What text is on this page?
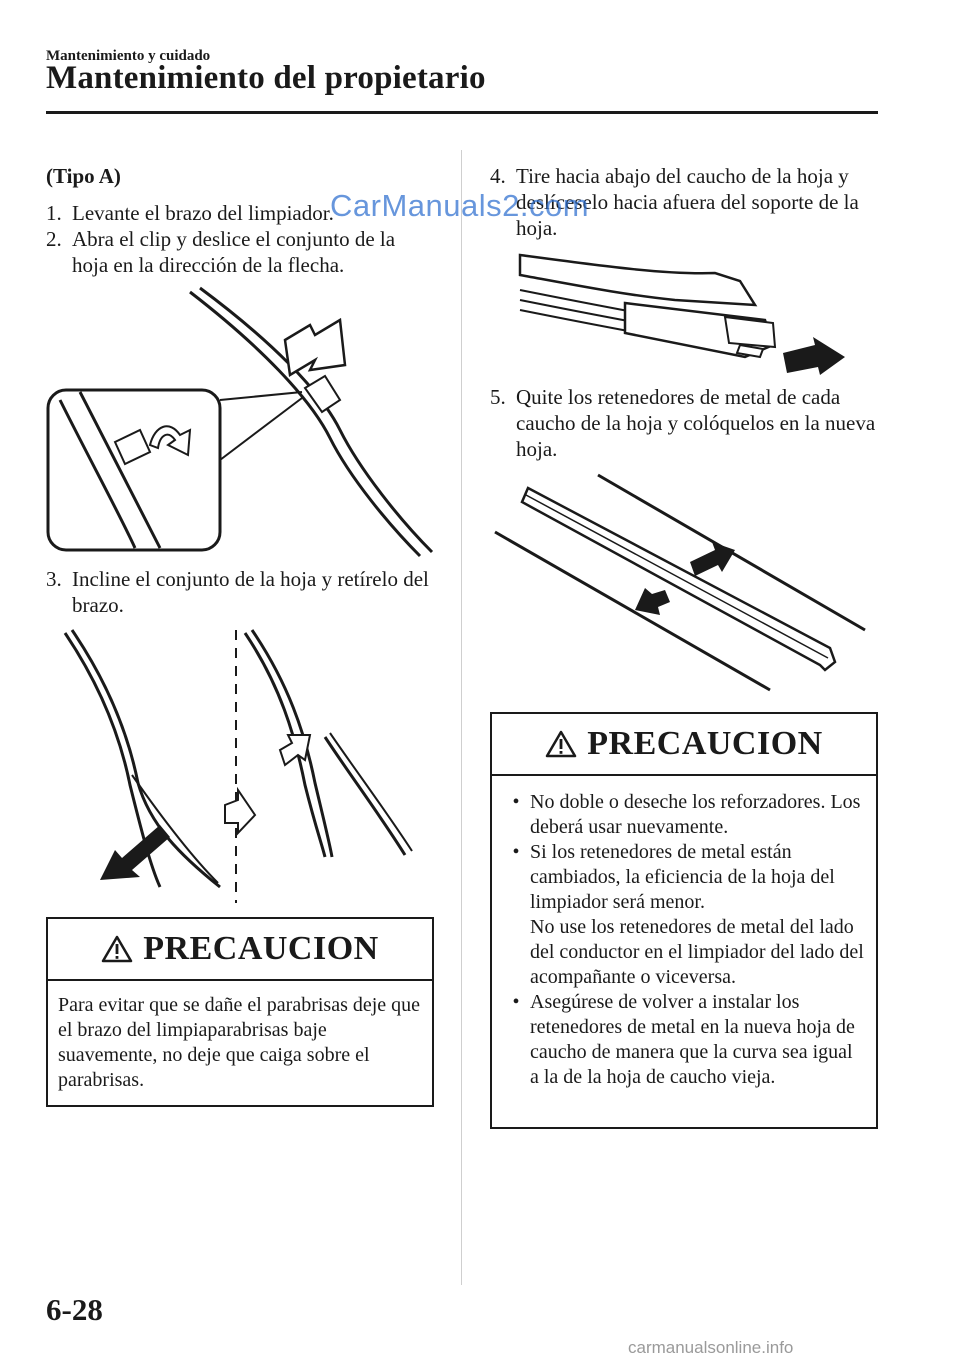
Mantenimiento y cuidado
Mantenimiento del propietario
(Tipo A)
1. Levante el brazo del limpiador.
2. Abra el clip y deslice el conjunto de la hoja en la dirección de la flecha.
3. Incline el conjunto de la hoja y retírelo del brazo.
PRECAUCION
Para evitar que se dañe el parabrisas deje que el brazo del limpiaparabrisas baje suavemente, no deje que caiga sobre el parabrisas.
4. Tire hacia abajo del caucho de la hoja y deslíceselo hacia afuera del soporte de la hoja.
5. Quite los retenedores de metal de cada caucho de la hoja y colóquelos en la nueva hoja.
PRECAUCION
• No doble o deseche los reforzadores. Los deberá usar nuevamente.
• Si los retenedores de metal están cambiados, la eficiencia de la hoja del limpiador será menor.
No use los retenedores de metal del lado del conductor en el limpiador del lado del acompañante o viceversa.
• Asegúrese de volver a instalar los retenedores de metal en la nueva hoja de caucho de manera que la curva sea igual a la de la hoja de caucho vieja.
6-28
CarManuals2.com
carmanualsonline.info
